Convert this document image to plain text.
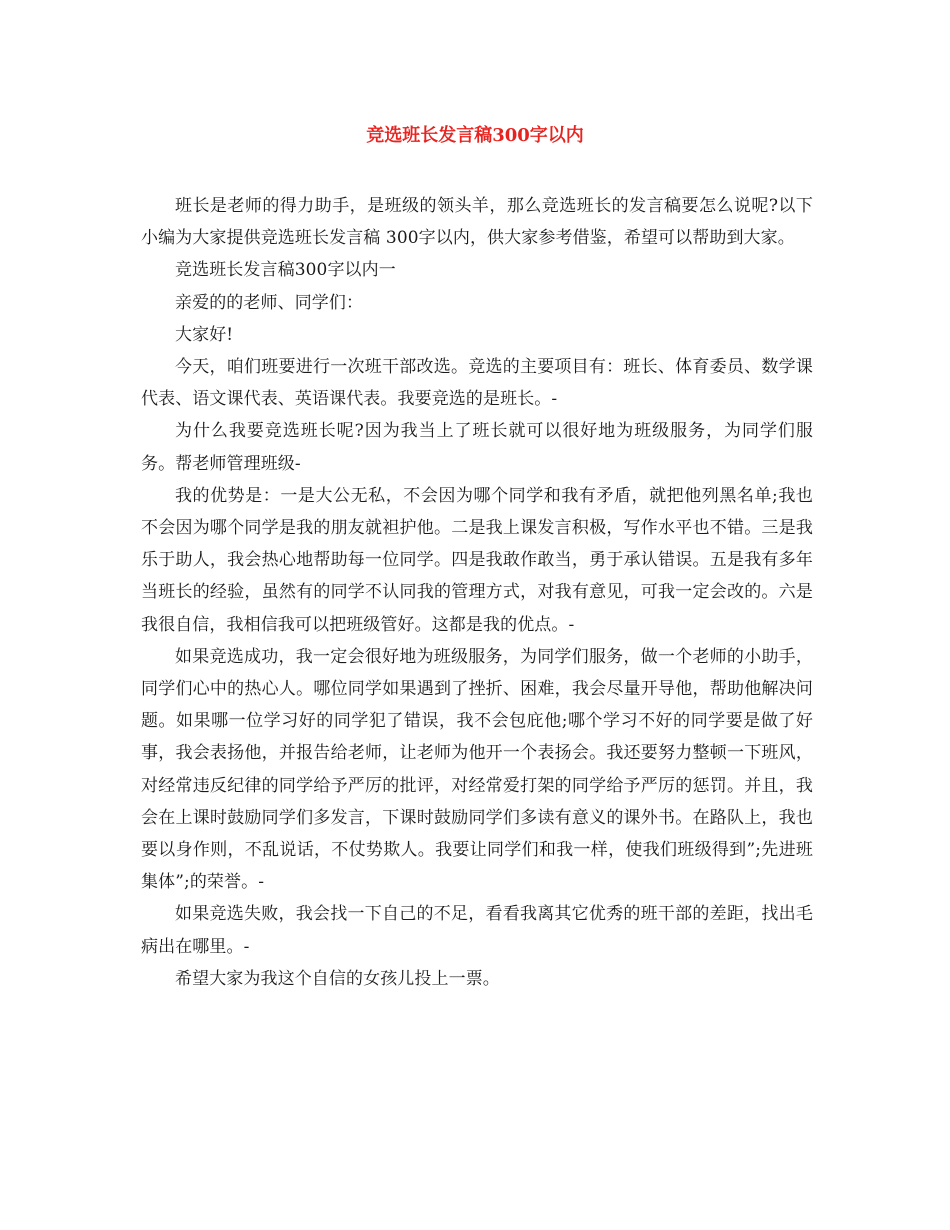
竞选班长发言稿300字以内

班长是老师的得力助手，是班级的领头羊，那么竞选班长的发言稿要怎么说呢?以下小编为大家提供竞选班长发言稿 300字以内，供大家参考借鉴，希望可以帮助到大家。

竞选班长发言稿300字以内一

亲爱的的老师、同学们：

大家好!

今天，咱们班要进行一次班干部改选。竞选的主要项目有：班长、体育委员、数学课代表、语文课代表、英语课代表。我要竞选的是班长。-

为什么我要竞选班长呢?因为我当上了班长就可以很好地为班级服务，为同学们服务。帮老师管理班级-

我的优势是：一是大公无私，不会因为哪个同学和我有矛盾，就把他列黑名单;我也不会因为哪个同学是我的朋友就袒护他。二是我上课发言积极，写作水平也不错。三是我乐于助人，我会热心地帮助每一位同学。四是我敢作敢当，勇于承认错误。五是我有多年当班长的经验，虽然有的同学不认同我的管理方式，对我有意见，可我一定会改的。六是我很自信，我相信我可以把班级管好。这都是我的优点。-

如果竞选成功，我一定会很好地为班级服务，为同学们服务，做一个老师的小助手，同学们心中的热心人。哪位同学如果遇到了挫折、困难，我会尽量开导他，帮助他解决问题。如果哪一位学习好的同学犯了错误，我不会包庇他;哪个学习不好的同学要是做了好事，我会表扬他，并报告给老师，让老师为他开一个表扬会。我还要努力整顿一下班风，对经常违反纪律的同学给予严厉的批评，对经常爱打架的同学给予严厉的惩罚。并且，我会在上课时鼓励同学们多发言，下课时鼓励同学们多读有意义的课外书。在路队上，我也要以身作则，不乱说话，不仗势欺人。我要让同学们和我一样，使我们班级得到”;先进班集体”;的荣誉。-

如果竞选失败，我会找一下自己的不足，看看我离其它优秀的班干部的差距，找出毛病出在哪里。-

希望大家为我这个自信的女孩儿投上一票。
